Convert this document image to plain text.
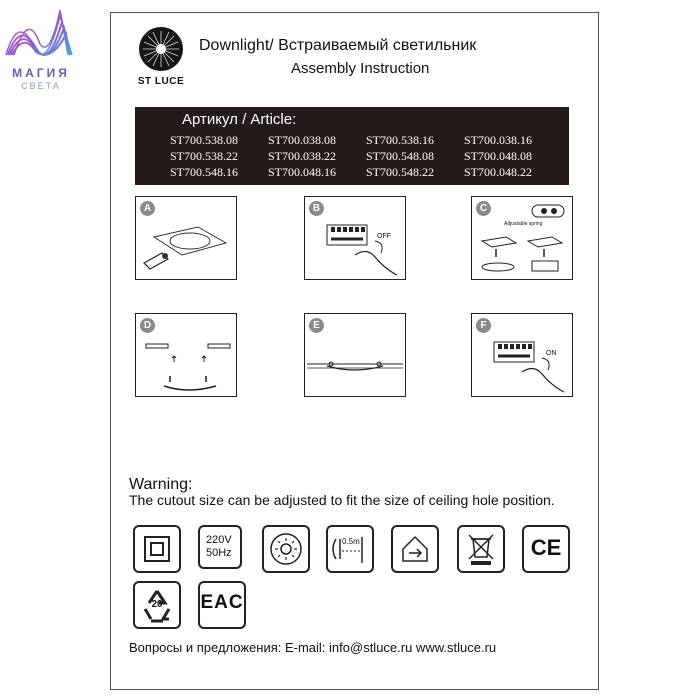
МАГИЯ
СВЕТА	ST LUCE
Downlight/ Встраиваемый светильник
Assembly Instruction
Артикул / Article:
ST700.538.08	ST700.038.08	ST700.538.16	ST700.038.16
ST700.538.22	ST700.038.22	ST700.548.08	ST700.048.08
ST700.548.16	ST700.048.16	ST700.548.22	ST700.048.22
A
OFF
B
Adjustable spring
C
D	E
ON
F
Warning:
The cutout size can be adjusted to fit the size of ceiling hole position.
220V
50Hz
0.5m	CE
20	EAC
Вопросы и предложения: E-mail: info@stluce.ru www.stluce.ru
